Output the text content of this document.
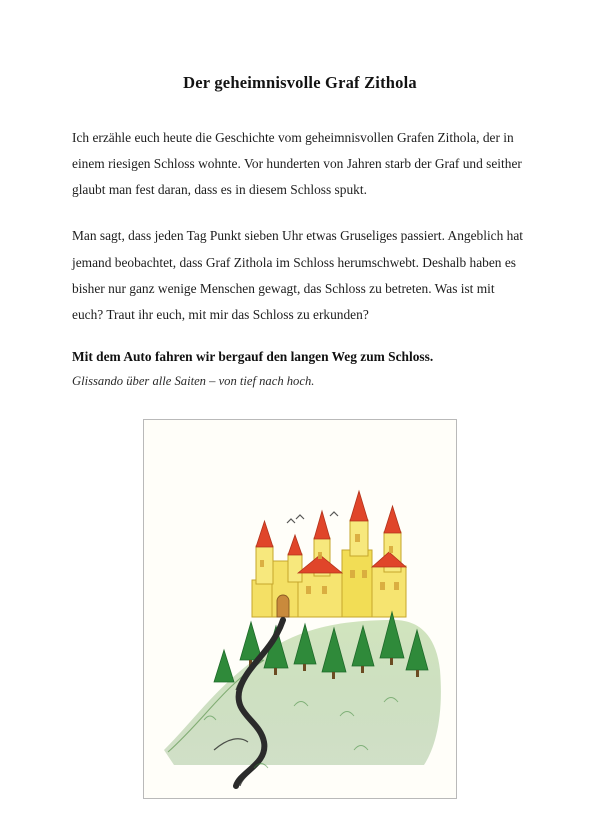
Der geheimnisvolle Graf Zithola

Ich erzähle euch heute die Geschichte vom geheimnisvollen Grafen Zithola, der in einem riesigen Schloss wohnte. Vor hunderten von Jahren starb der Graf und seither glaubt man fest daran, dass es in diesem Schloss spukt.

Man sagt, dass jeden Tag Punkt sieben Uhr etwas Gruseliges passiert. Angeblich hat jemand beobachtet, dass Graf Zithola im Schloss herumschwebt. Deshalb haben es bisher nur ganz wenige Menschen gewagt, das Schloss zu betreten. Was ist mit euch? Traut ihr euch, mit mir das Schloss zu erkunden?

Mit dem Auto fahren wir bergauf den langen Weg zum Schloss.

Glissando über alle Saiten – von tief nach hoch.
